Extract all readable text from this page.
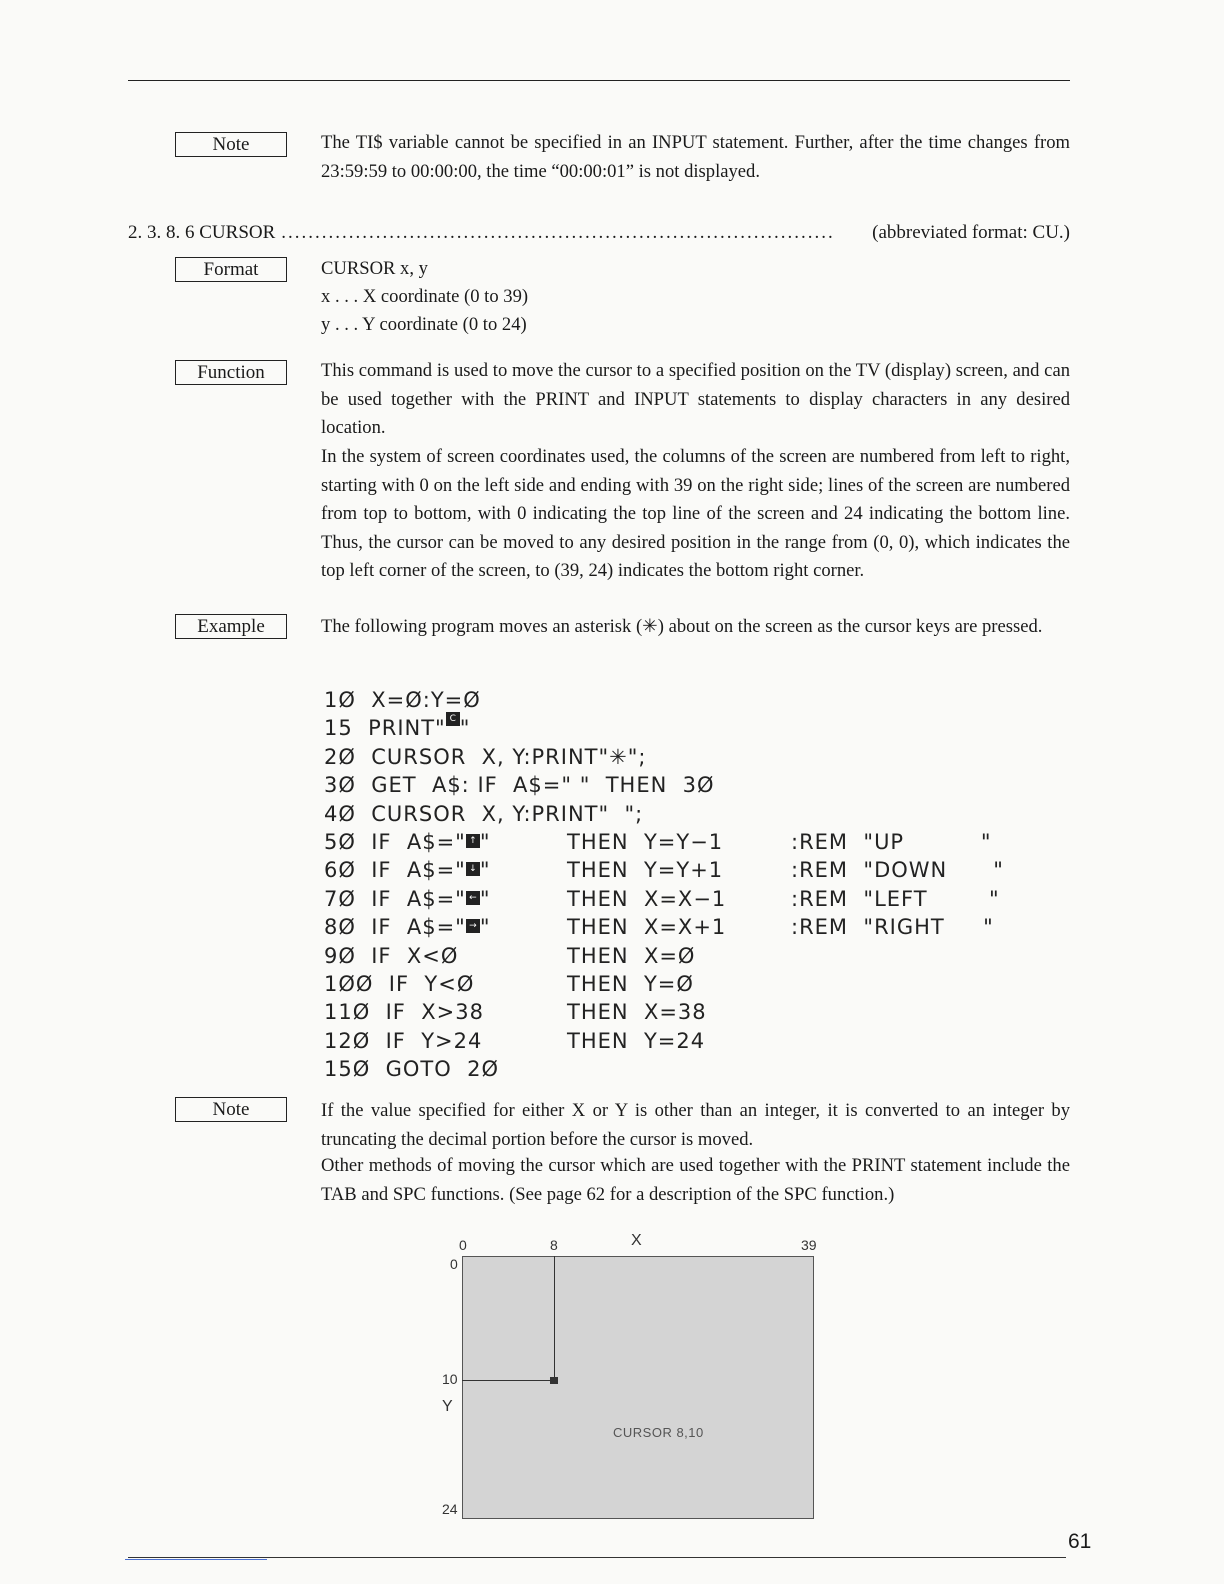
Note	The TI$ variable cannot be specified in an INPUT statement. Further, after the time changes from 23:59:59 to 00:00:00, the time “00:00:01” is not displayed.
2. 3. 8. 6 CURSOR ..................................................................................	(abbreviated format: CU.)
Format	CURSOR x, y
x . . . X coordinate (0 to 39)
y . . . Y coordinate (0 to 24)
Function	This command is used to move the cursor to a specified position on the TV (display) screen, and can be used together with the PRINT and INPUT statements to display characters in any desired location.
In the system of screen coordinates used, the columns of the screen are numbered from left to right, starting with 0 on the left side and ending with 39 on the right side; lines of the screen are numbered from top to bottom, with 0 indicating the top line of the screen and 24 indicating the bottom line. Thus, the cursor can be moved to any desired position in the range from (0, 0), which indicates the top left corner of the screen, to (39, 24) indicates the bottom right corner.
Example	The following program moves an asterisk (✳) about on the screen as the cursor keys are pressed.
1Ø  X=Ø:Y=Ø
15  PRINT" C "
2Ø  CURSOR  X, Y:PRINT"✳";
3Ø  GET  A$: IF  A$=" "  THEN  3Ø
4Ø  CURSOR  X, Y:PRINT"  ";
5Ø  IF  A$=" ↑ "	THEN  Y=Y−1	:REM  "UP          "
6Ø  IF  A$=" ↓ "	THEN  Y=Y+1	:REM  "DOWN      "
7Ø  IF  A$=" ← "	THEN  X=X−1	:REM  "LEFT        "
8Ø  IF  A$=" → "	THEN  X=X+1	:REM  "RIGHT     "
9Ø  IF  X<Ø	THEN  X=Ø
1ØØ  IF  Y<Ø	THEN  Y=Ø
11Ø  IF  X>38	THEN  X=38
12Ø  IF  Y>24	THEN  Y=24
15Ø  GOTO  2Ø
Note	If the value specified for either X or Y is other than an integer, it is converted to an integer by truncating the decimal portion before the cursor is moved.
Other methods of moving the cursor which are used together with the PRINT statement include the TAB and SPC functions. (See page 62 for a description of the SPC function.)
0	8	X	39
0
10
Y
24
CURSOR 8,10
61
